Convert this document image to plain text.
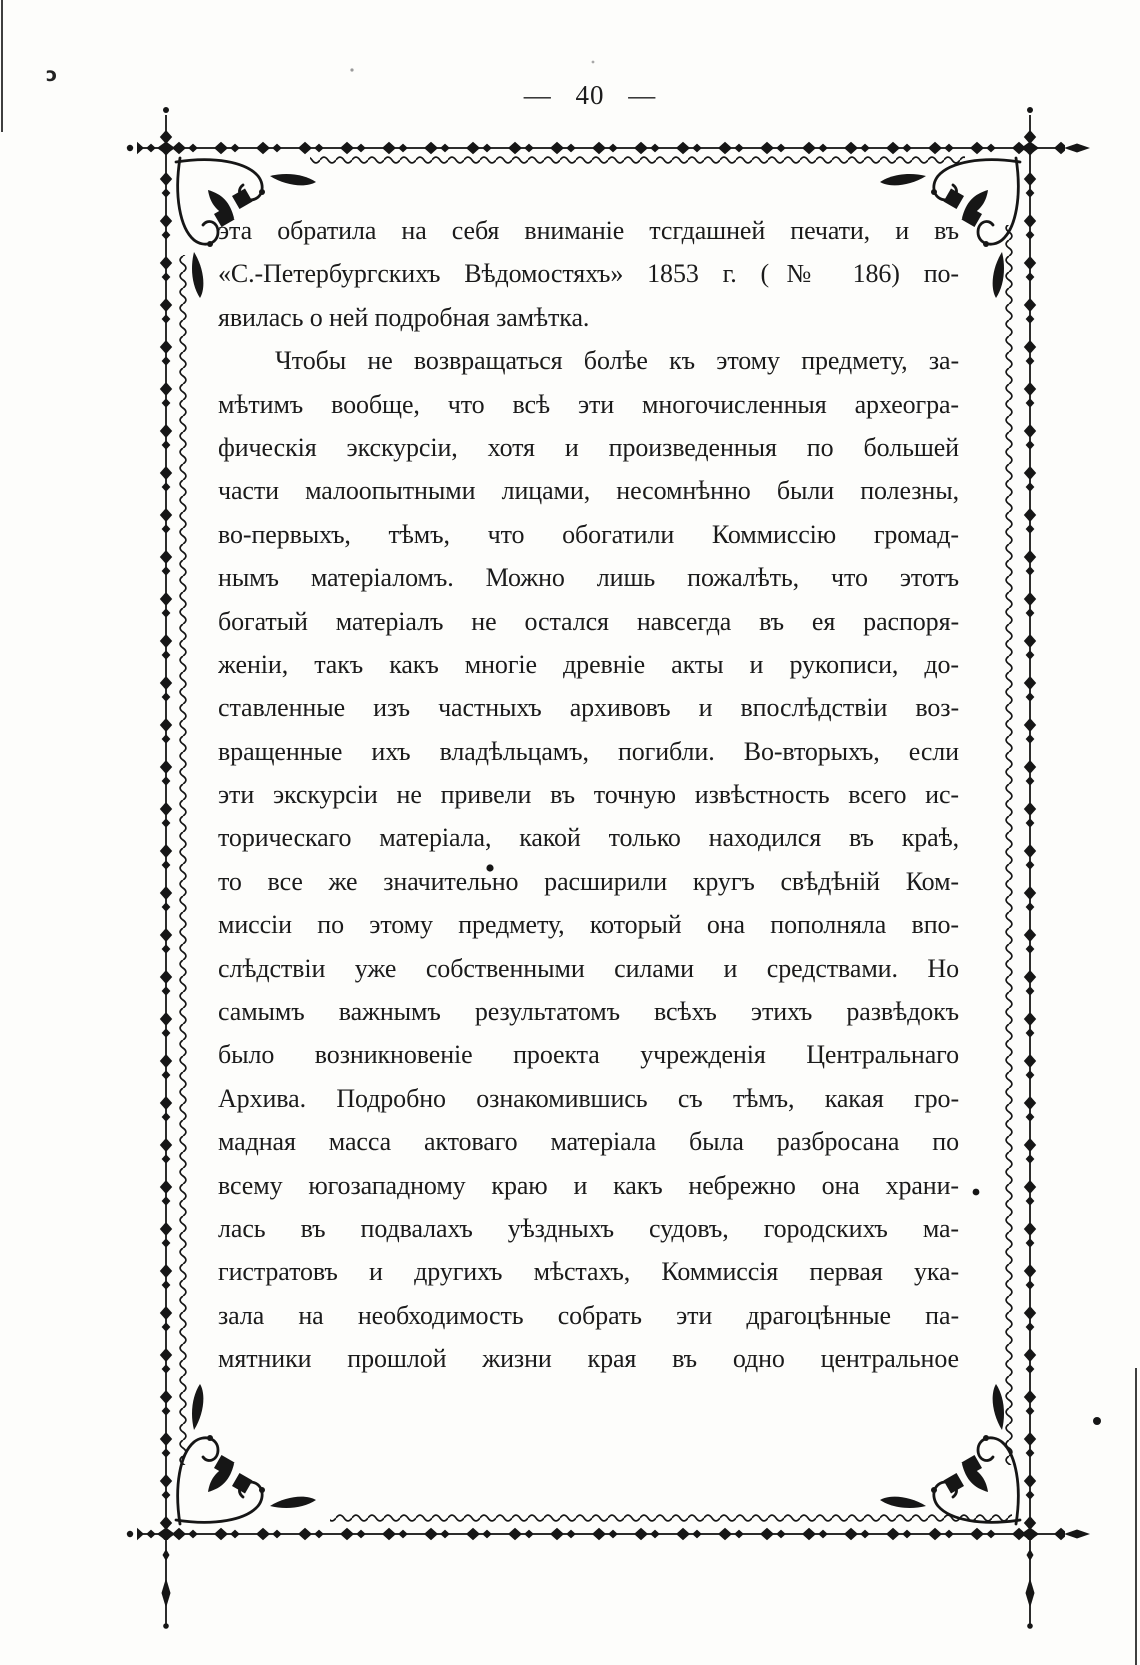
— 40 —
ɔ
эта обратила на себя вниманіе тсгдашней печати, и въ
«С.-Петербургскихъ Вѣдомостяхъ» 1853 г. (№ 186) по-
явилась о ней подробная замѣтка.
Чтобы не возвращаться болѣе къ этому предмету, за-
мѣтимъ вообще, что всѣ эти многочисленныя археогра-
фическія экскурсіи, хотя и произведенныя по большей
части малоопытными лицами, несомнѣнно были полезны,
во-первыхъ, тѣмъ, что обогатили Коммиссію громад-
нымъ матеріаломъ. Можно лишь пожалѣть, что этотъ
богатый матеріалъ не остался навсегда въ ея распоря-
женіи, такъ какъ многіе древніе акты и рукописи, до-
ставленные изъ частныхъ архивовъ и впослѣдствіи воз-
вращенные ихъ владѣльцамъ, погибли. Во-вторыхъ, если
эти экскурсіи не привели въ точную извѣстность всего ис-
торическаго матеріала, какой только находился въ краѣ,
то все же значительно расширили кругъ свѣдѣній Ком-
миссіи по этому предмету, который она пополняла впо-
слѣдствіи уже собственными силами и средствами. Но
самымъ важнымъ результатомъ всѣхъ этихъ развѣдокъ
было возникновеніе проекта учрежденія Центральнаго
Архива. Подробно ознакомившись съ тѣмъ, какая гро-
мадная масса актоваго матеріала была разбросана по
всему югозападному краю и какъ небрежно она храни-
лась въ подвалахъ уѣздныхъ судовъ, городскихъ ма-
гистратовъ и другихъ мѣстахъ, Коммиссія первая ука-
зала на необходимость собрать эти драгоцѣнные па-
мятники прошлой жизни края въ одно центральное
